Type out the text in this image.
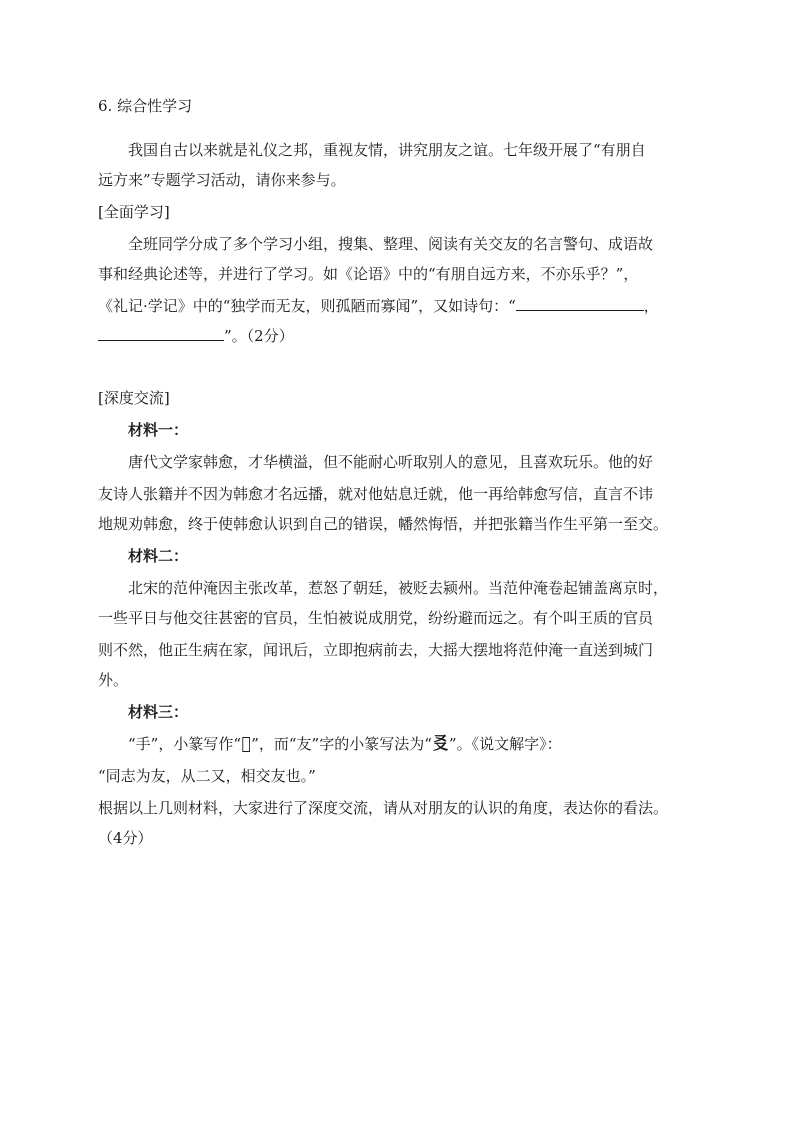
6. 综合性学习
我国自古以来就是礼仪之邦，重视友情，讲究朋友之谊。七年级开展了“有朋自
远方来”专题学习活动，请你来参与。
[全面学习]
全班同学分成了多个学习小组，搜集、整理、阅读有关交友的名言警句、成语故
事和经典论述等，并进行了学习。如《论语》中的“有朋自远方来，不亦乐乎？”，
《礼记·学记》中的“独学而无友，则孤陋而寡闻”，又如诗句：“	，
”。（2分）
[深度交流]
材料一：
唐代文学家韩愈，才华横溢，但不能耐心听取别人的意见，且喜欢玩乐。他的好
友诗人张籍并不因为韩愈才名远播，就对他姑息迁就，他一再给韩愈写信，直言不讳
地规劝韩愈，终于使韩愈认识到自己的错误，幡然悔悟，并把张籍当作生平第一至交。
材料二：
北宋的范仲淹因主张改革，惹怒了朝廷，被贬去颍州。当范仲淹卷起铺盖离京时，
一些平日与他交往甚密的官员，生怕被说成朋党，纷纷避而远之。有个叫王质的官员
则不然，他正生病在家，闻讯后，立即抱病前去，大摇大摆地将范仲淹一直送到城门
外。
材料三：
“手”，小篆写作“𠂀”，而“友”字的小篆写法为“㕛”。《说文解字》：
“同志为友，从二又，相交友也。”
根据以上几则材料，大家进行了深度交流，请从对朋友的认识的角度，表达你的看法。
（4分）
